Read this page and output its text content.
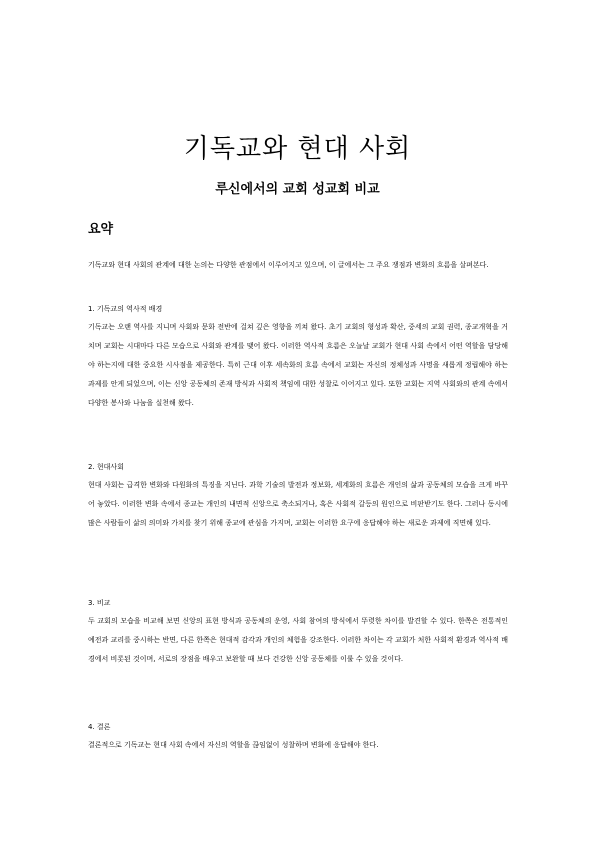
기독교와 현대 사회
루신에서의 교회 성교회 비교
요약
기독교와 현대 사회의 관계에 대한 논의는 다양한 관점에서 이루어지고 있으며, 이 글에서는 그 주요 쟁점과 변화의 흐름을 살펴본다.
1. 기독교의 역사적 배경
기독교는 오랜 역사를 지니며 사회와 문화 전반에 걸쳐 깊은 영향을 끼쳐 왔다. 초기 교회의 형성과 확산, 중세의 교회 권력, 종교개혁을 거치며 교회는 시대마다 다른 모습으로 사회와 관계를 맺어 왔다. 이러한 역사적 흐름은 오늘날 교회가 현대 사회 속에서 어떤 역할을 담당해야 하는지에 대한 중요한 시사점을 제공한다. 특히 근대 이후 세속화의 흐름 속에서 교회는 자신의 정체성과 사명을 새롭게 정립해야 하는 과제를 안게 되었으며, 이는 신앙 공동체의 존재 방식과 사회적 책임에 대한 성찰로 이어지고 있다. 또한 교회는 지역 사회와의 관계 속에서 다양한 봉사와 나눔을 실천해 왔다.
2. 현대사회
현대 사회는 급격한 변화와 다원화의 특징을 지닌다. 과학 기술의 발전과 정보화, 세계화의 흐름은 개인의 삶과 공동체의 모습을 크게 바꾸어 놓았다. 이러한 변화 속에서 종교는 개인의 내면적 신앙으로 축소되거나, 혹은 사회적 갈등의 원인으로 비판받기도 한다. 그러나 동시에 많은 사람들이 삶의 의미와 가치를 찾기 위해 종교에 관심을 가지며, 교회는 이러한 요구에 응답해야 하는 새로운 과제에 직면해 있다.
3. 비교
두 교회의 모습을 비교해 보면 신앙의 표현 방식과 공동체의 운영, 사회 참여의 방식에서 뚜렷한 차이를 발견할 수 있다. 한쪽은 전통적인 예전과 교리를 중시하는 반면, 다른 한쪽은 현대적 감각과 개인의 체험을 강조한다. 이러한 차이는 각 교회가 처한 사회적 환경과 역사적 배경에서 비롯된 것이며, 서로의 장점을 배우고 보완할 때 보다 건강한 신앙 공동체를 이룰 수 있을 것이다.
4. 결론
결론적으로 기독교는 현대 사회 속에서 자신의 역할을 끊임없이 성찰하며 변화에 응답해야 한다.
